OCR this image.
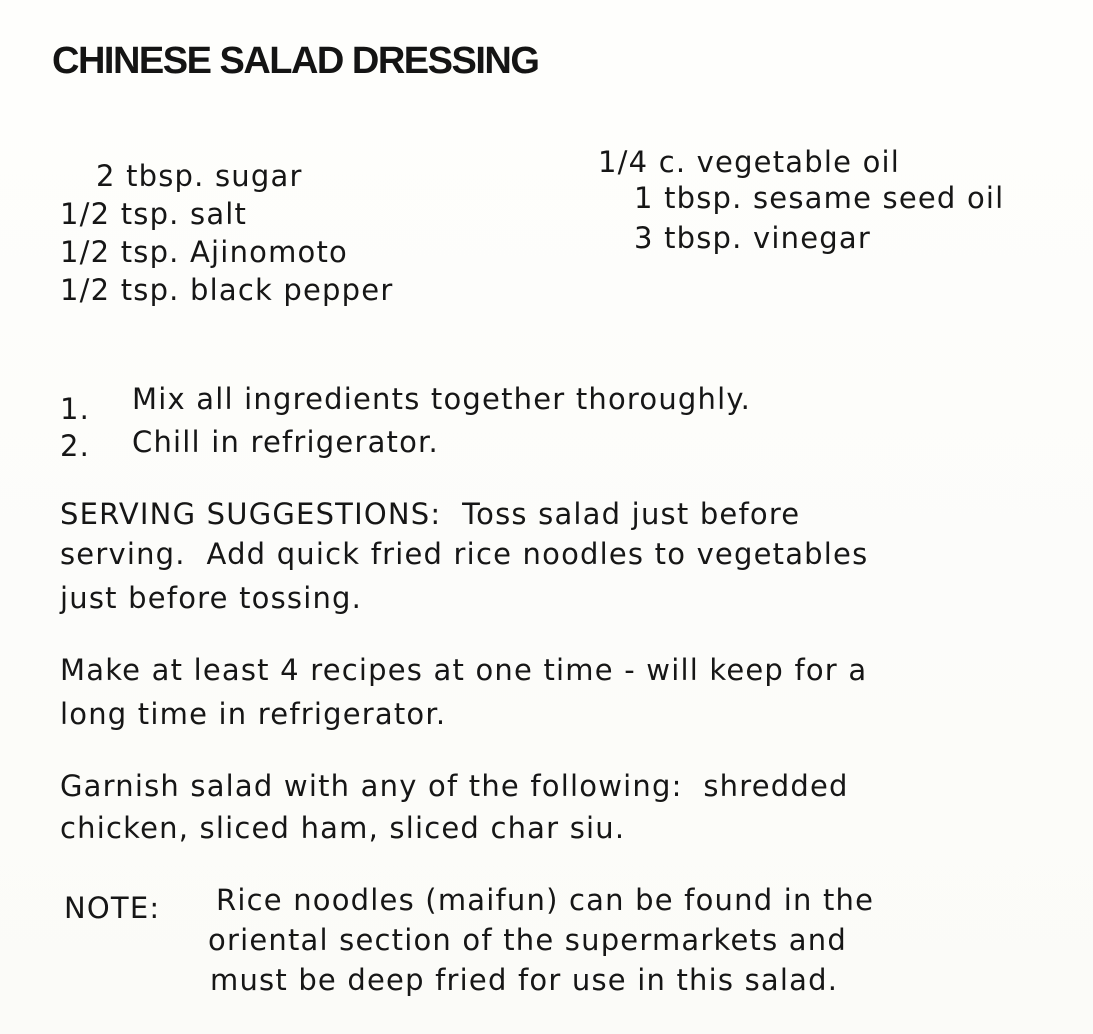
CHINESE SALAD DRESSING

2 tbsp. sugar

1/2 tsp. salt

1/2 tsp. Ajinomoto

1/2 tsp. black pepper

1/4 c. vegetable oil

1 tbsp. sesame seed oil

3 tbsp. vinegar

1. Mix all ingredients together thoroughly.
2. Chill in refrigerator.

SERVING SUGGESTIONS:  Toss salad just before

serving.  Add quick fried rice noodles to vegetables

just before tossing.

Make at least 4 recipes at one time - will keep for a

long time in refrigerator.

Garnish salad with any of the following:  shredded

chicken, sliced ham, sliced char siu.

NOTE: Rice noodles (maifun) can be found in the

oriental section of the supermarkets and

must be deep fried for use in this salad.
